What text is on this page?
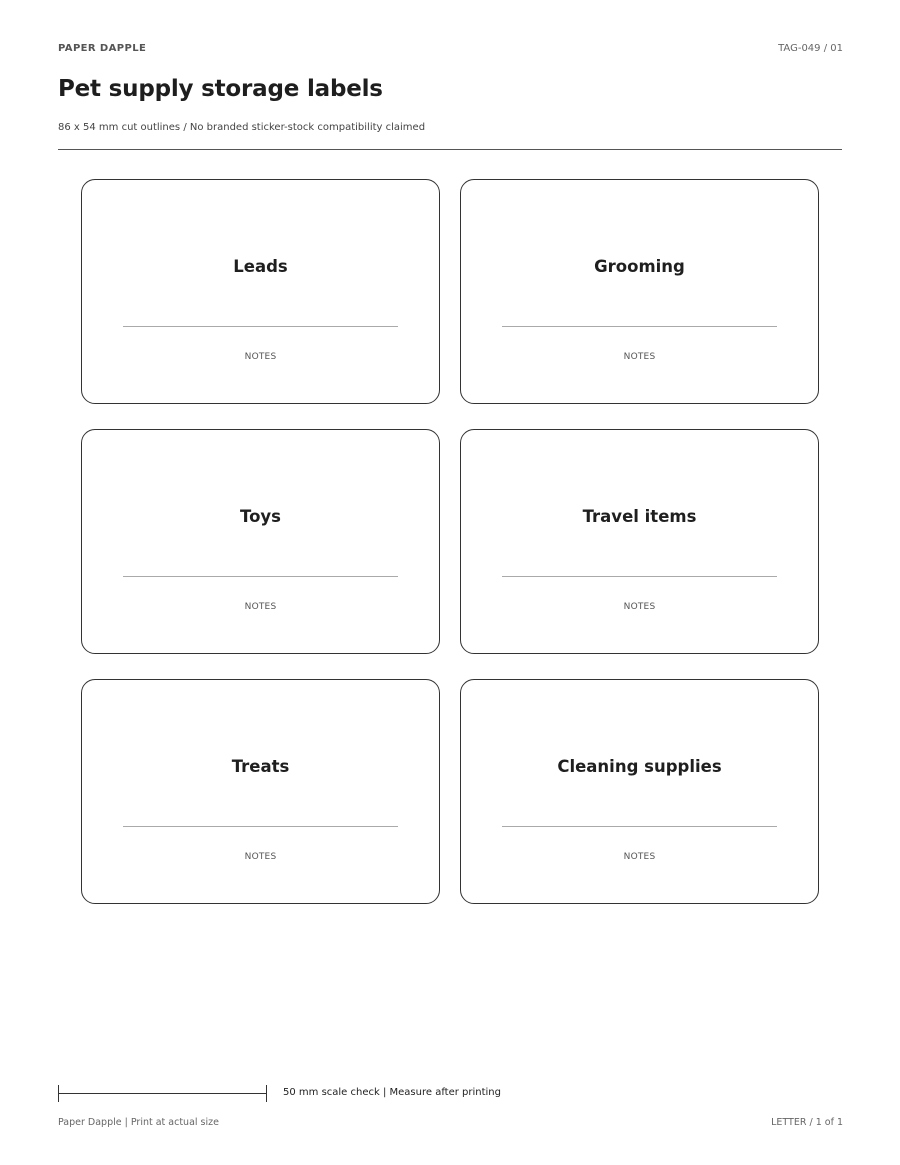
PAPER DAPPLE	TAG-049 / 01
Pet supply storage labels
86 x 54 mm cut outlines / No branded sticker-stock compatibility claimed
Leads
NOTES
Grooming
NOTES
Toys
NOTES
Travel items
NOTES
Treats
NOTES
Cleaning supplies
NOTES
50 mm scale check | Measure after printing
Paper Dapple | Print at actual size	LETTER / 1 of 1
